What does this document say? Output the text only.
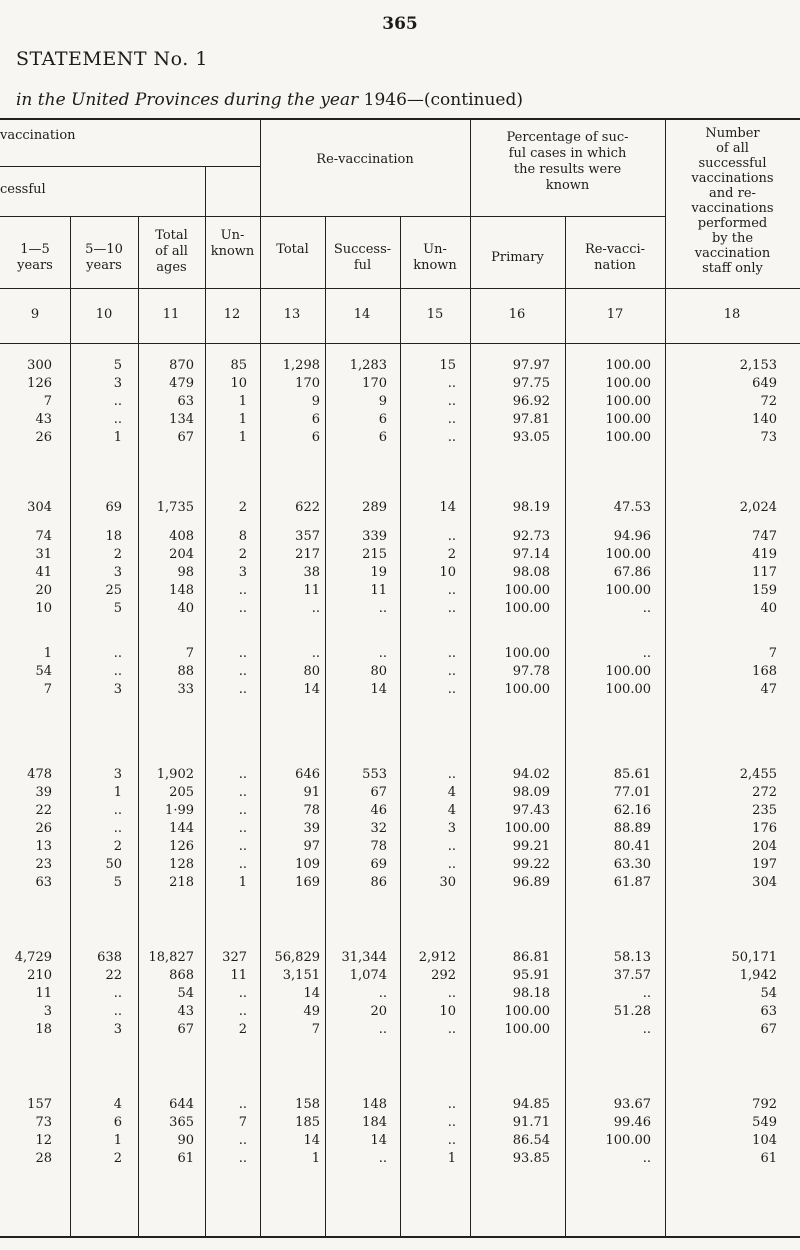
365
STATEMENT No. 1
in the United Provinces during the year 1946—(continued)
vaccination
cessful
1—5
years
5—10
years
Total
of all
ages
Un-
known
Re-vaccination
Total	Success-
ful
Un-
known
Percentage of suc-
ful cases in which
the results were
known
Primary
Re-vacci-
nation
Number
of all
successful
vaccinations
and re-
vaccinations
performed
by the
vaccination
staff only
9	10	11	12	13	14	15	16	17	18
300	5	870	85	1,298	1,283	15	97.97	100.00	2,153
126	3	479	10	170	170	..	97.75	100.00	649
7	..	63	1	9	9	..	96.92	100.00	72
43	..	134	1	6	6	..	97.81	100.00	140
26	1	67	1	6	6	..	93.05	100.00	73
304	69	1,735	2	622	289	14	98.19	47.53	2,024
74	18	408	8	357	339	..	92.73	94.96	747
31	2	204	2	217	215	2	97.14	100.00	419
41	3	98	3	38	19	10	98.08	67.86	117
20	25	148	..	11	11	..	100.00	100.00	159
10	5	40	..	..	..	..	100.00	..	40
1	..	7	..	..	..	..	100.00	..	7
54	..	88	..	80	80	..	97.78	100.00	168
7	3	33	..	14	14	..	100.00	100.00	47
478	3	1,902	..	646	553	..	94.02	85.61	2,455
39	1	205	..	91	67	4	98.09	77.01	272
22	..	1·99	..	78	46	4	97.43	62.16	235
26	..	144	..	39	32	3	100.00	88.89	176
13	2	126	..	97	78	..	99.21	80.41	204
23	50	128	..	109	69	..	99.22	63.30	197
63	5	218	1	169	86	30	96.89	61.87	304
4,729	638	18,827	327	56,829	31,344	2,912	86.81	58.13	50,171
210	22	868	11	3,151	1,074	292	95.91	37.57	1,942
11	..	54	..	14	..	..	98.18	..	54
3	..	43	..	49	20	10	100.00	51.28	63
18	3	67	2	7	..	..	100.00	..	67
157	4	644	..	158	148	..	94.85	93.67	792
73	6	365	7	185	184	..	91.71	99.46	549
12	1	90	..	14	14	..	86.54	100.00	104
28	2	61	..	1	..	1	93.85	..	61
